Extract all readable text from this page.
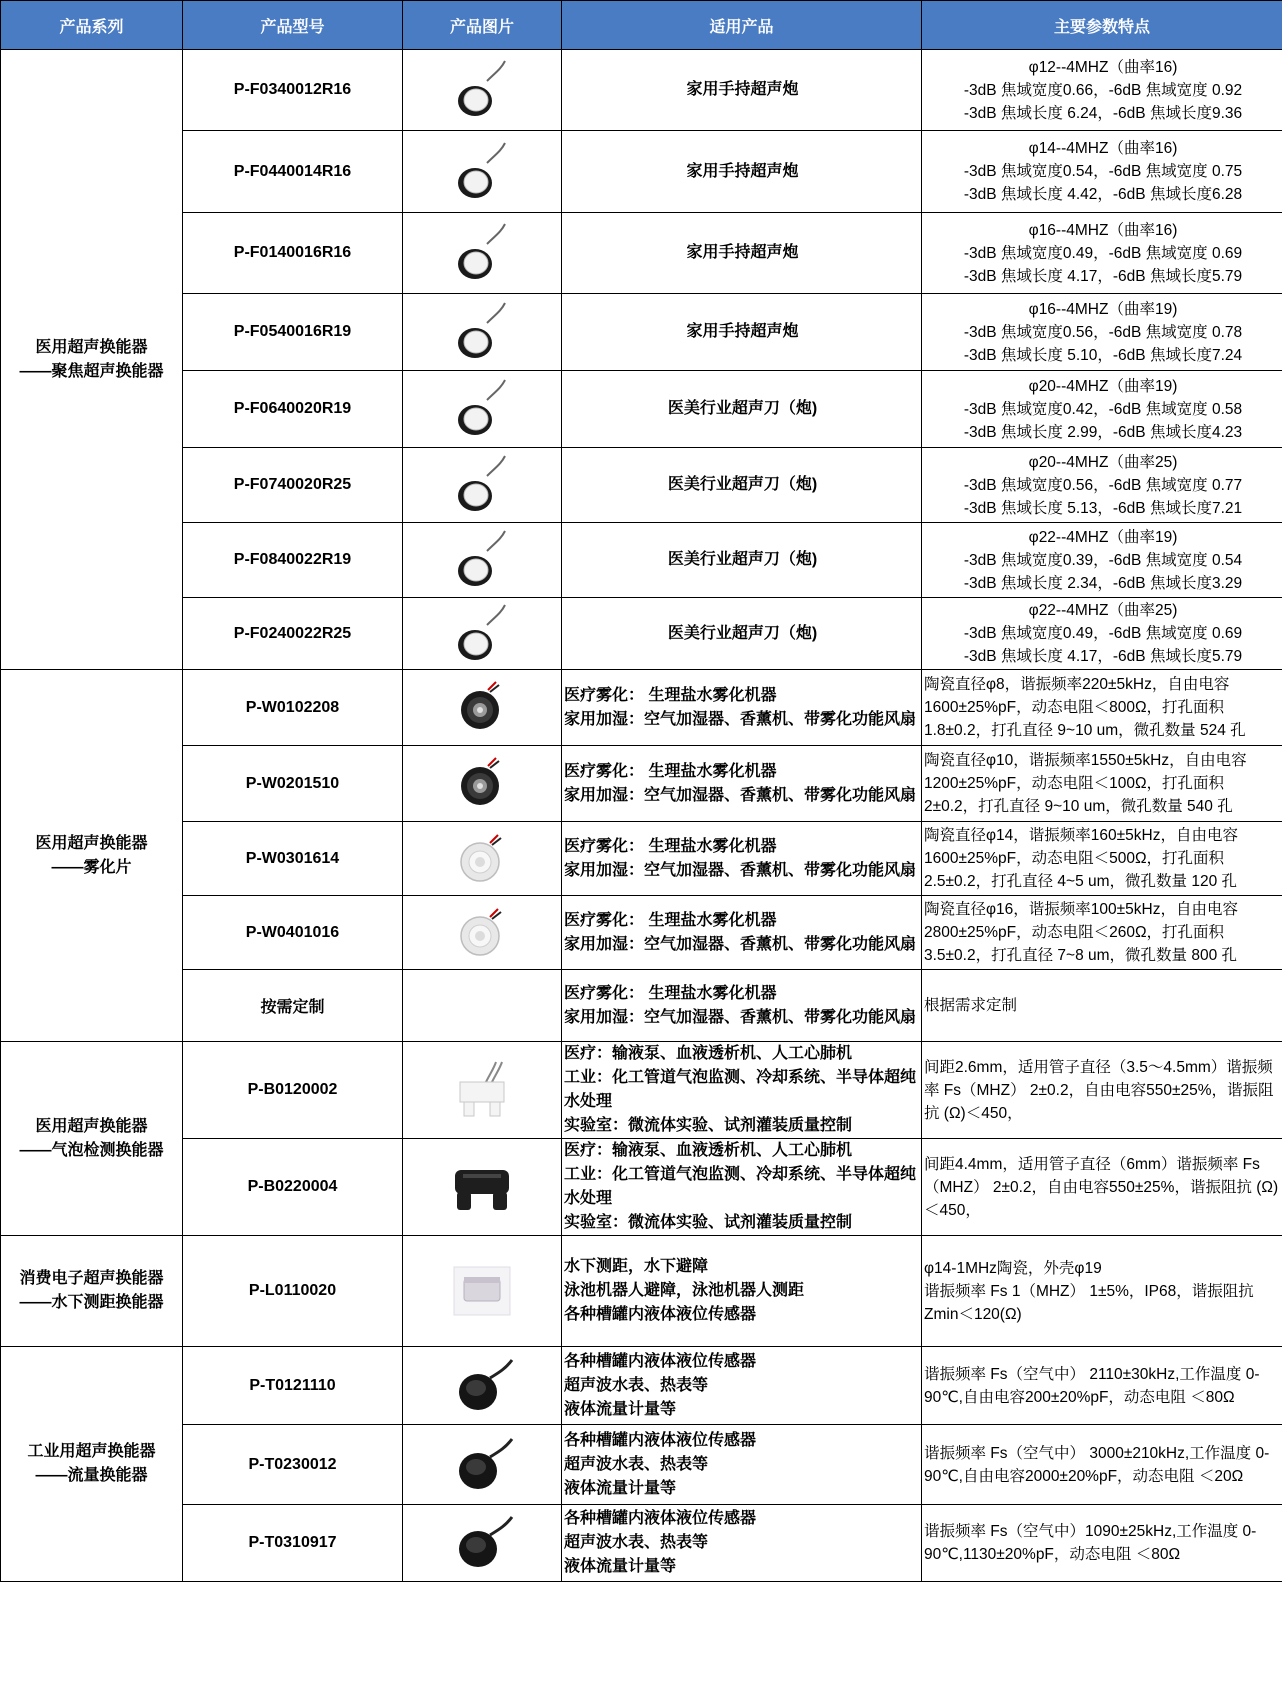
产品系列	产品型号	产品图片	适用产品	主要参数特点

医用超声换能器
——聚焦超声换能器	P-F0340012R16		家用手持超声炮	φ12--4MHZ（曲率16)
-3dB 焦域宽度0.66，-6dB 焦域宽度 0.92
-3dB 焦域长度 6.24，-6dB 焦域长度9.36

	P-F0440014R16		家用手持超声炮	φ14--4MHZ（曲率16)
-3dB 焦域宽度0.54，-6dB 焦域宽度 0.75
-3dB 焦域长度 4.42，-6dB 焦域长度6.28

	P-F0140016R16		家用手持超声炮	φ16--4MHZ（曲率16)
-3dB 焦域宽度0.49，-6dB 焦域宽度 0.69
-3dB 焦域长度 4.17，-6dB 焦域长度5.79

	P-F0540016R19		家用手持超声炮	φ16--4MHZ（曲率19)
-3dB 焦域宽度0.56，-6dB 焦域宽度 0.78
-3dB 焦域长度 5.10，-6dB 焦域长度7.24

	P-F0640020R19		医美行业超声刀（炮)	φ20--4MHZ（曲率19)
-3dB 焦域宽度0.42，-6dB 焦域宽度 0.58
-3dB 焦域长度 2.99，-6dB 焦域长度4.23

	P-F0740020R25		医美行业超声刀（炮)	φ20--4MHZ（曲率25)
-3dB 焦域宽度0.56，-6dB 焦域宽度 0.77
-3dB 焦域长度 5.13，-6dB 焦域长度7.21

	P-F0840022R19		医美行业超声刀（炮)	φ22--4MHZ（曲率19)
-3dB 焦域宽度0.39，-6dB 焦域宽度 0.54
-3dB 焦域长度 2.34，-6dB 焦域长度3.29

	P-F0240022R25		医美行业超声刀（炮)	φ22--4MHZ（曲率25)
-3dB 焦域宽度0.49，-6dB 焦域宽度 0.69
-3dB 焦域长度 4.17，-6dB 焦域长度5.79

医用超声换能器
——雾化片	P-W0102208		医疗雾化： 生理盐水雾化机器
家用加湿：空气加湿器、香薰机、带雾化功能风扇	陶瓷直径φ8，谐振频率220±5kHz，自由电容
1600±25%pF，动态电阻＜800Ω，打孔面积
1.8±0.2，打孔直径 9~10 um，微孔数量 524 孔

	P-W0201510		医疗雾化： 生理盐水雾化机器
家用加湿：空气加湿器、香薰机、带雾化功能风扇	陶瓷直径φ10，谐振频率1550±5kHz，自由电容
1200±25%pF，动态电阻＜100Ω，打孔面积
2±0.2，打孔直径 9~10 um，微孔数量 540 孔

	P-W0301614		医疗雾化： 生理盐水雾化机器
家用加湿：空气加湿器、香薰机、带雾化功能风扇	陶瓷直径φ14，谐振频率160±5kHz，自由电容
1600±25%pF，动态电阻＜500Ω，打孔面积
2.5±0.2，打孔直径 4~5 um，微孔数量 120 孔

	P-W0401016		医疗雾化： 生理盐水雾化机器
家用加湿：空气加湿器、香薰机、带雾化功能风扇	陶瓷直径φ16，谐振频率100±5kHz，自由电容
2800±25%pF，动态电阻＜260Ω，打孔面积
3.5±0.2，打孔直径 7~8 um，微孔数量 800 孔

	按需定制		医疗雾化： 生理盐水雾化机器
家用加湿：空气加湿器、香薰机、带雾化功能风扇	根据需求定制

医用超声换能器
——气泡检测换能器	P-B0120002		医疗：输液泵、血液透析机、人工心肺机
工业：化工管道气泡监测、冷却系统、半导体超纯水处理
实验室：微流体实验、试剂灌装质量控制	间距2.6mm，适用管子直径（3.5～4.5mm）谐振频率 Fs（MHZ） 2±0.2，自由电容550±25%，谐振阻抗 (Ω)＜450，

	P-B0220004		医疗：输液泵、血液透析机、人工心肺机
工业：化工管道气泡监测、冷却系统、半导体超纯水处理
实验室：微流体实验、试剂灌装质量控制	间距4.4mm，适用管子直径（6mm）谐振频率 Fs（MHZ） 2±0.2，自由电容550±25%，谐振阻抗 (Ω)＜450，

消费电子超声换能器
——水下测距换能器	P-L0110020		水下测距，水下避障
泳池机器人避障，泳池机器人测距
各种槽罐内液体液位传感器	φ14-1MHz陶瓷，外壳φ19
谐振频率 Fs 1（MHZ） 1±5%，IP68，谐振阻抗
Zmin＜120(Ω)

工业用超声换能器
——流量换能器	P-T0121110		各种槽罐内液体液位传感器
超声波水表、热表等
液体流量计量等	谐振频率 Fs（空气中） 2110±30kHz,工作温度 0-90℃,自由电容200±20%pF，动态电阻 ＜80Ω

	P-T0230012		各种槽罐内液体液位传感器
超声波水表、热表等
液体流量计量等	谐振频率 Fs（空气中） 3000±210kHz,工作温度 0-90℃,自由电容2000±20%pF，动态电阻 ＜20Ω

	P-T0310917		各种槽罐内液体液位传感器
超声波水表、热表等
液体流量计量等	谐振频率 Fs（空气中）1090±25kHz,工作温度 0-90℃,1130±20%pF，动态电阻 ＜80Ω
